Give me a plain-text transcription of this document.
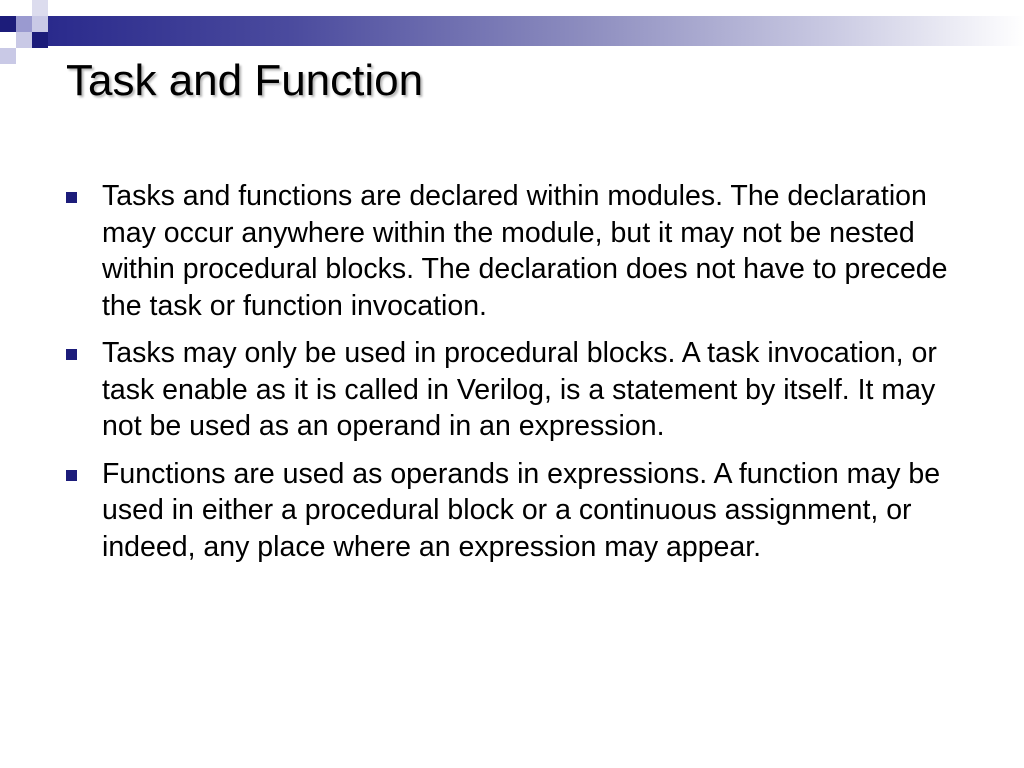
Task and Function
Tasks and functions are declared within modules. The declaration may occur anywhere within the module, but it may not be nested within procedural blocks. The declaration does not have to precede the task or function invocation.
Tasks may only be used in procedural blocks. A task invocation, or task enable as it is called in Verilog, is a statement by itself. It may not be used as an operand in an expression.
Functions are used as operands in expressions. A function may be used in either a procedural block or a continuous assignment, or indeed, any place where an expression may appear.
